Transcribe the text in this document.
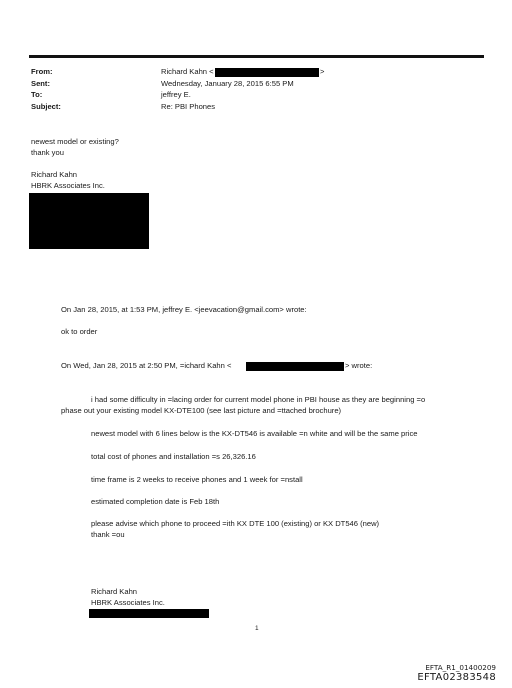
From:
Sent:
To:
Subject:
Richard Kahn <	>
Wednesday, January 28, 2015 6:55 PM
jeffrey E.
Re: PBI Phones
newest model or existing?
thank you
Richard Kahn
HBRK Associates Inc.
On Jan 28, 2015, at 1:53 PM, jeffrey E. <jeevacation@gmail.com> wrote:
ok to order
On Wed, Jan 28, 2015 at 2:50 PM, =ichard Kahn <	> wrote:
i had some difficulty in =lacing order for current model phone in PBI house as they are beginning =o
phase out your existing model KX-DTE100 (see last picture and =ttached brochure)
newest model with 6 lines below is the KX-DT546 is available =n white and will be the same price
total cost of phones and installation =s 26,326.16
time frame is 2 weeks to receive phones and 1 week for =nstall
estimated completion date is Feb 18th
please advise which phone to proceed =ith KX DTE 100 (existing) or KX DT546 (new)
thank =ou
Richard Kahn
HBRK Associates Inc.
1
EFTA_R1_01400209
EFTA02383548
